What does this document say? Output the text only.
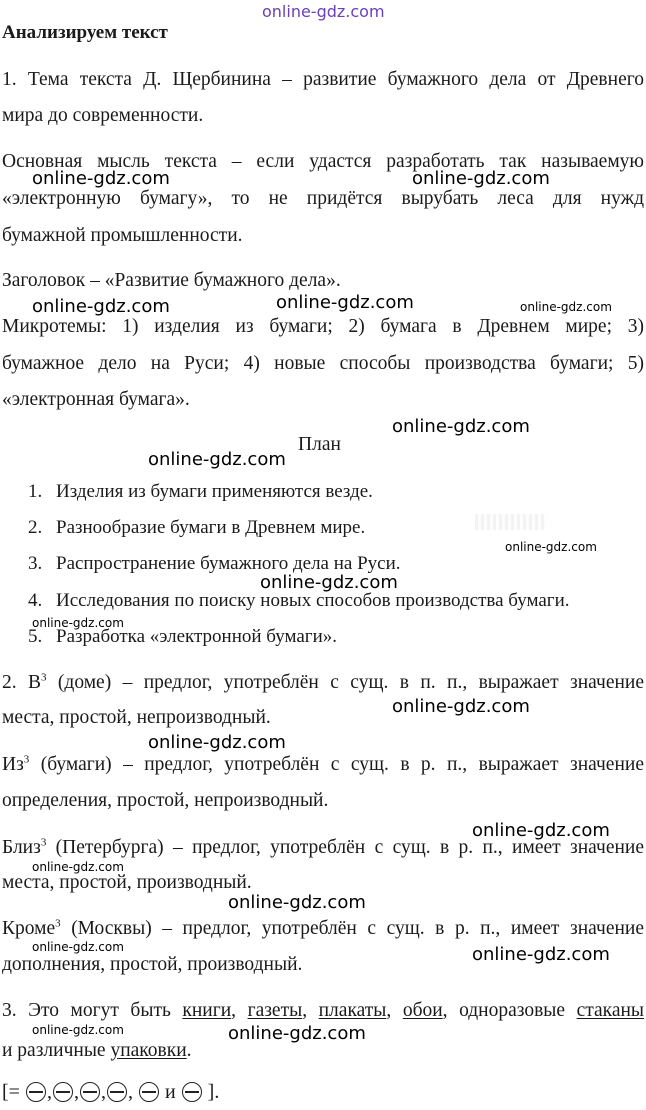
online-gdz.com
online-gdz.com	online-gdz.com
online-gdz.com	online-gdz.com	online-gdz.com
online-gdz.com
online-gdz.com
online-gdz.com
online-gdz.com
online-gdz.com
online-gdz.com
online-gdz.com
online-gdz.com
online-gdz.com
online-gdz.com
online-gdz.com	online-gdz.com
online-gdz.com	online-gdz.com
Анализируем текст
1. Тема текста Д. Щербинина – развитие бумажного дела от Древнего
мира до современности.
Основная мысль текста – если удастся разработать так называемую
«электронную бумагу», то не придётся вырубать леса для нужд
бумажной промышленности.
Заголовок – «Развитие бумажного дела».
Микротемы: 1) изделия из бумаги; 2) бумага в Древнем мире; 3)
бумажное дело на Руси; 4) новые способы производства бумаги; 5)
«электронная бумага».
План
1. Изделия из бумаги применяются везде.
2. Разнообразие бумаги в Древнем мире.
3. Распространение бумажного дела на Руси.
4. Исследования по поиску новых способов производства бумаги.
5. Разработка «электронной бумаги».
2. $В^3$ (доме) – предлог, употреблён с сущ. в п. п., выражает значение
места, простой, непроизводный.
$Из^3$ (бумаги) – предлог, употреблён с сущ. в р. п., выражает значение
определения, простой, непроизводный.
Близ$^3$ (Петербурга) – предлог, употреблён с сущ. в р. п., имеет значение
места, простой, производный.
Кроме$^3$ (Москвы) – предлог, употреблён с сущ. в р. п., имеет значение
дополнения, простой, производный.
3. Это могут быть книги, газеты, плакаты, обои, одноразовые стаканы
и различные упаковки.
[=
, , , ,

и

].
